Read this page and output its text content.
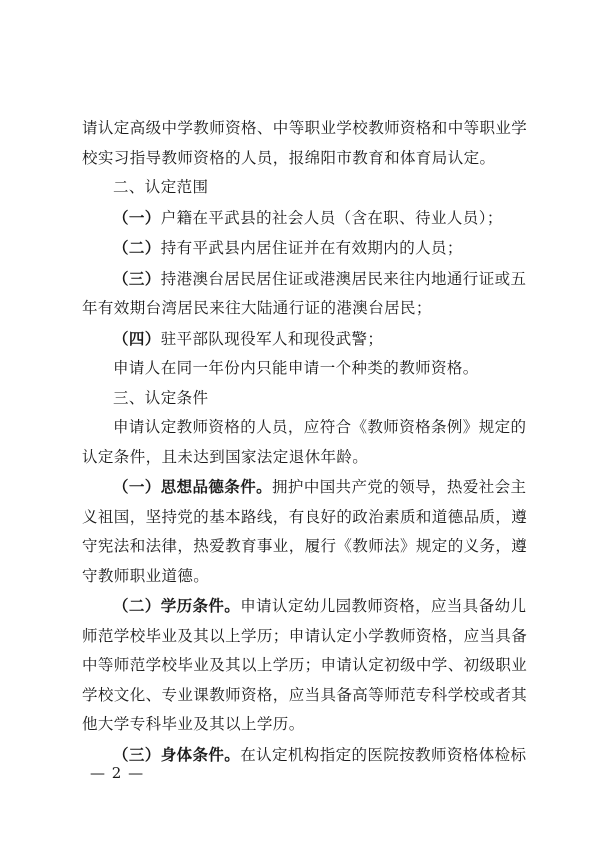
请认定高级中学教师资格、中等职业学校教师资格和中等职业学

校实习指导教师资格的人员，报绵阳市教育和体育局认定。

二、认定范围

（一）户籍在平武县的社会人员（含在职、待业人员）；

（二）持有平武县内居住证并在有效期内的人员；

（三）持港澳台居民居住证或港澳居民来往内地通行证或五

年有效期台湾居民来往大陆通行证的港澳台居民；

（四）驻平部队现役军人和现役武警；

申请人在同一年份内只能申请一个种类的教师资格。

三、认定条件

申请认定教师资格的人员，应符合《教师资格条例》规定的

认定条件，且未达到国家法定退休年龄。

（一）思想品德条件。拥护中国共产党的领导，热爱社会主

义祖国，坚持党的基本路线，有良好的政治素质和道德品质，遵

守宪法和法律，热爱教育事业，履行《教师法》规定的义务，遵

守教师职业道德。

（二）学历条件。申请认定幼儿园教师资格，应当具备幼儿

师范学校毕业及其以上学历；申请认定小学教师资格，应当具备

中等师范学校毕业及其以上学历；申请认定初级中学、初级职业

学校文化、专业课教师资格，应当具备高等师范专科学校或者其

他大学专科毕业及其以上学历。

（三）身体条件。在认定机构指定的医院按教师资格体检标

— 2 —
